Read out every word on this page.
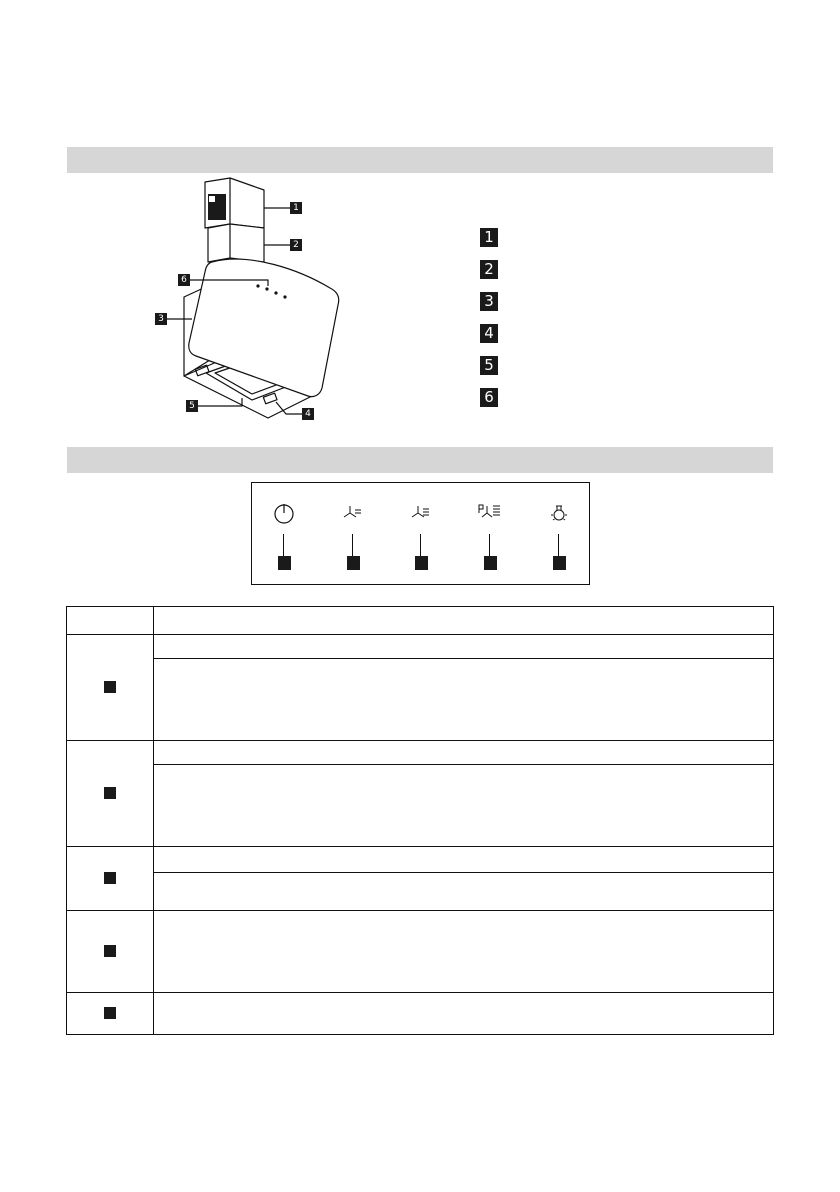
1
2
6
3
5
4
1
2
3
4
5
6
